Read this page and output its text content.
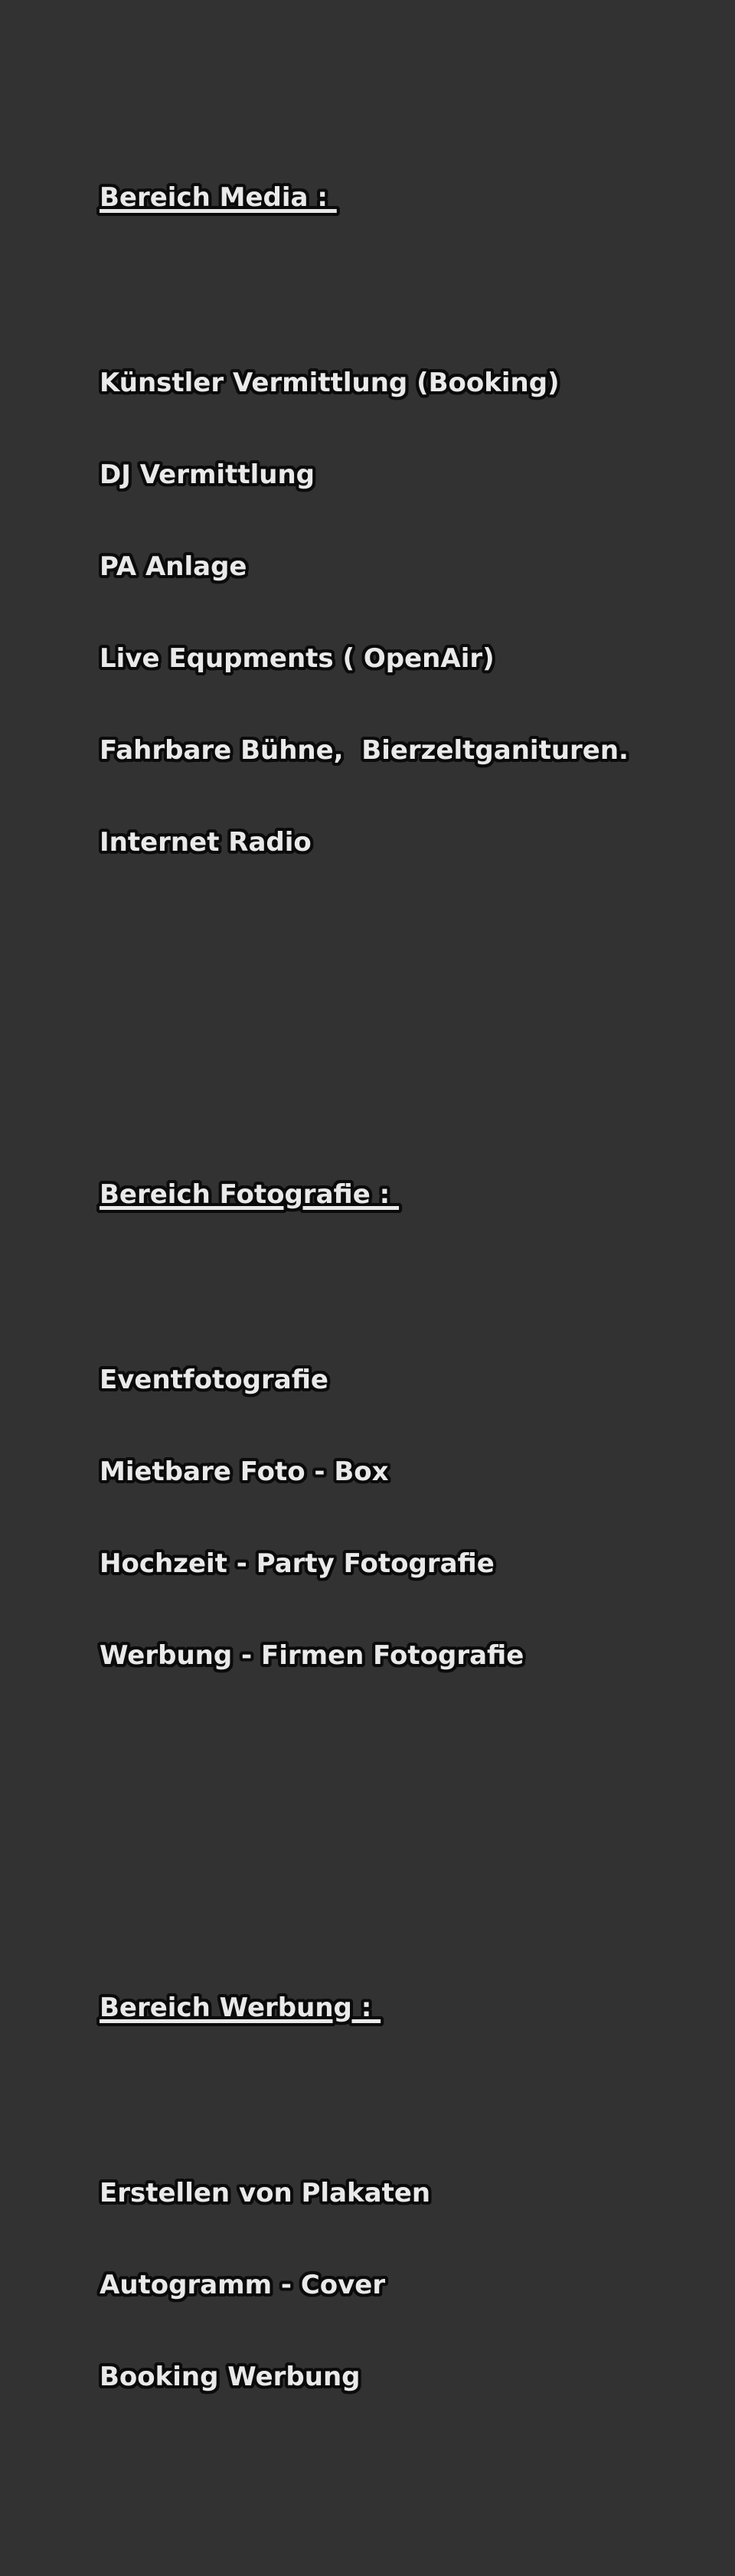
Bereich Media :

Künstler Vermittlung (Booking)

DJ Vermittlung

PA Anlage

Live Equpments ( OpenAir)

Fahrbare Bühne,  Bierzeltganituren.

Internet Radio

Bereich Fotografie :

Eventfotografie

Mietbare Foto - Box

Hochzeit - Party Fotografie

Werbung - Firmen Fotografie

Bereich Werbung :

Erstellen von Plakaten

Autogramm - Cover

Booking Werbung
